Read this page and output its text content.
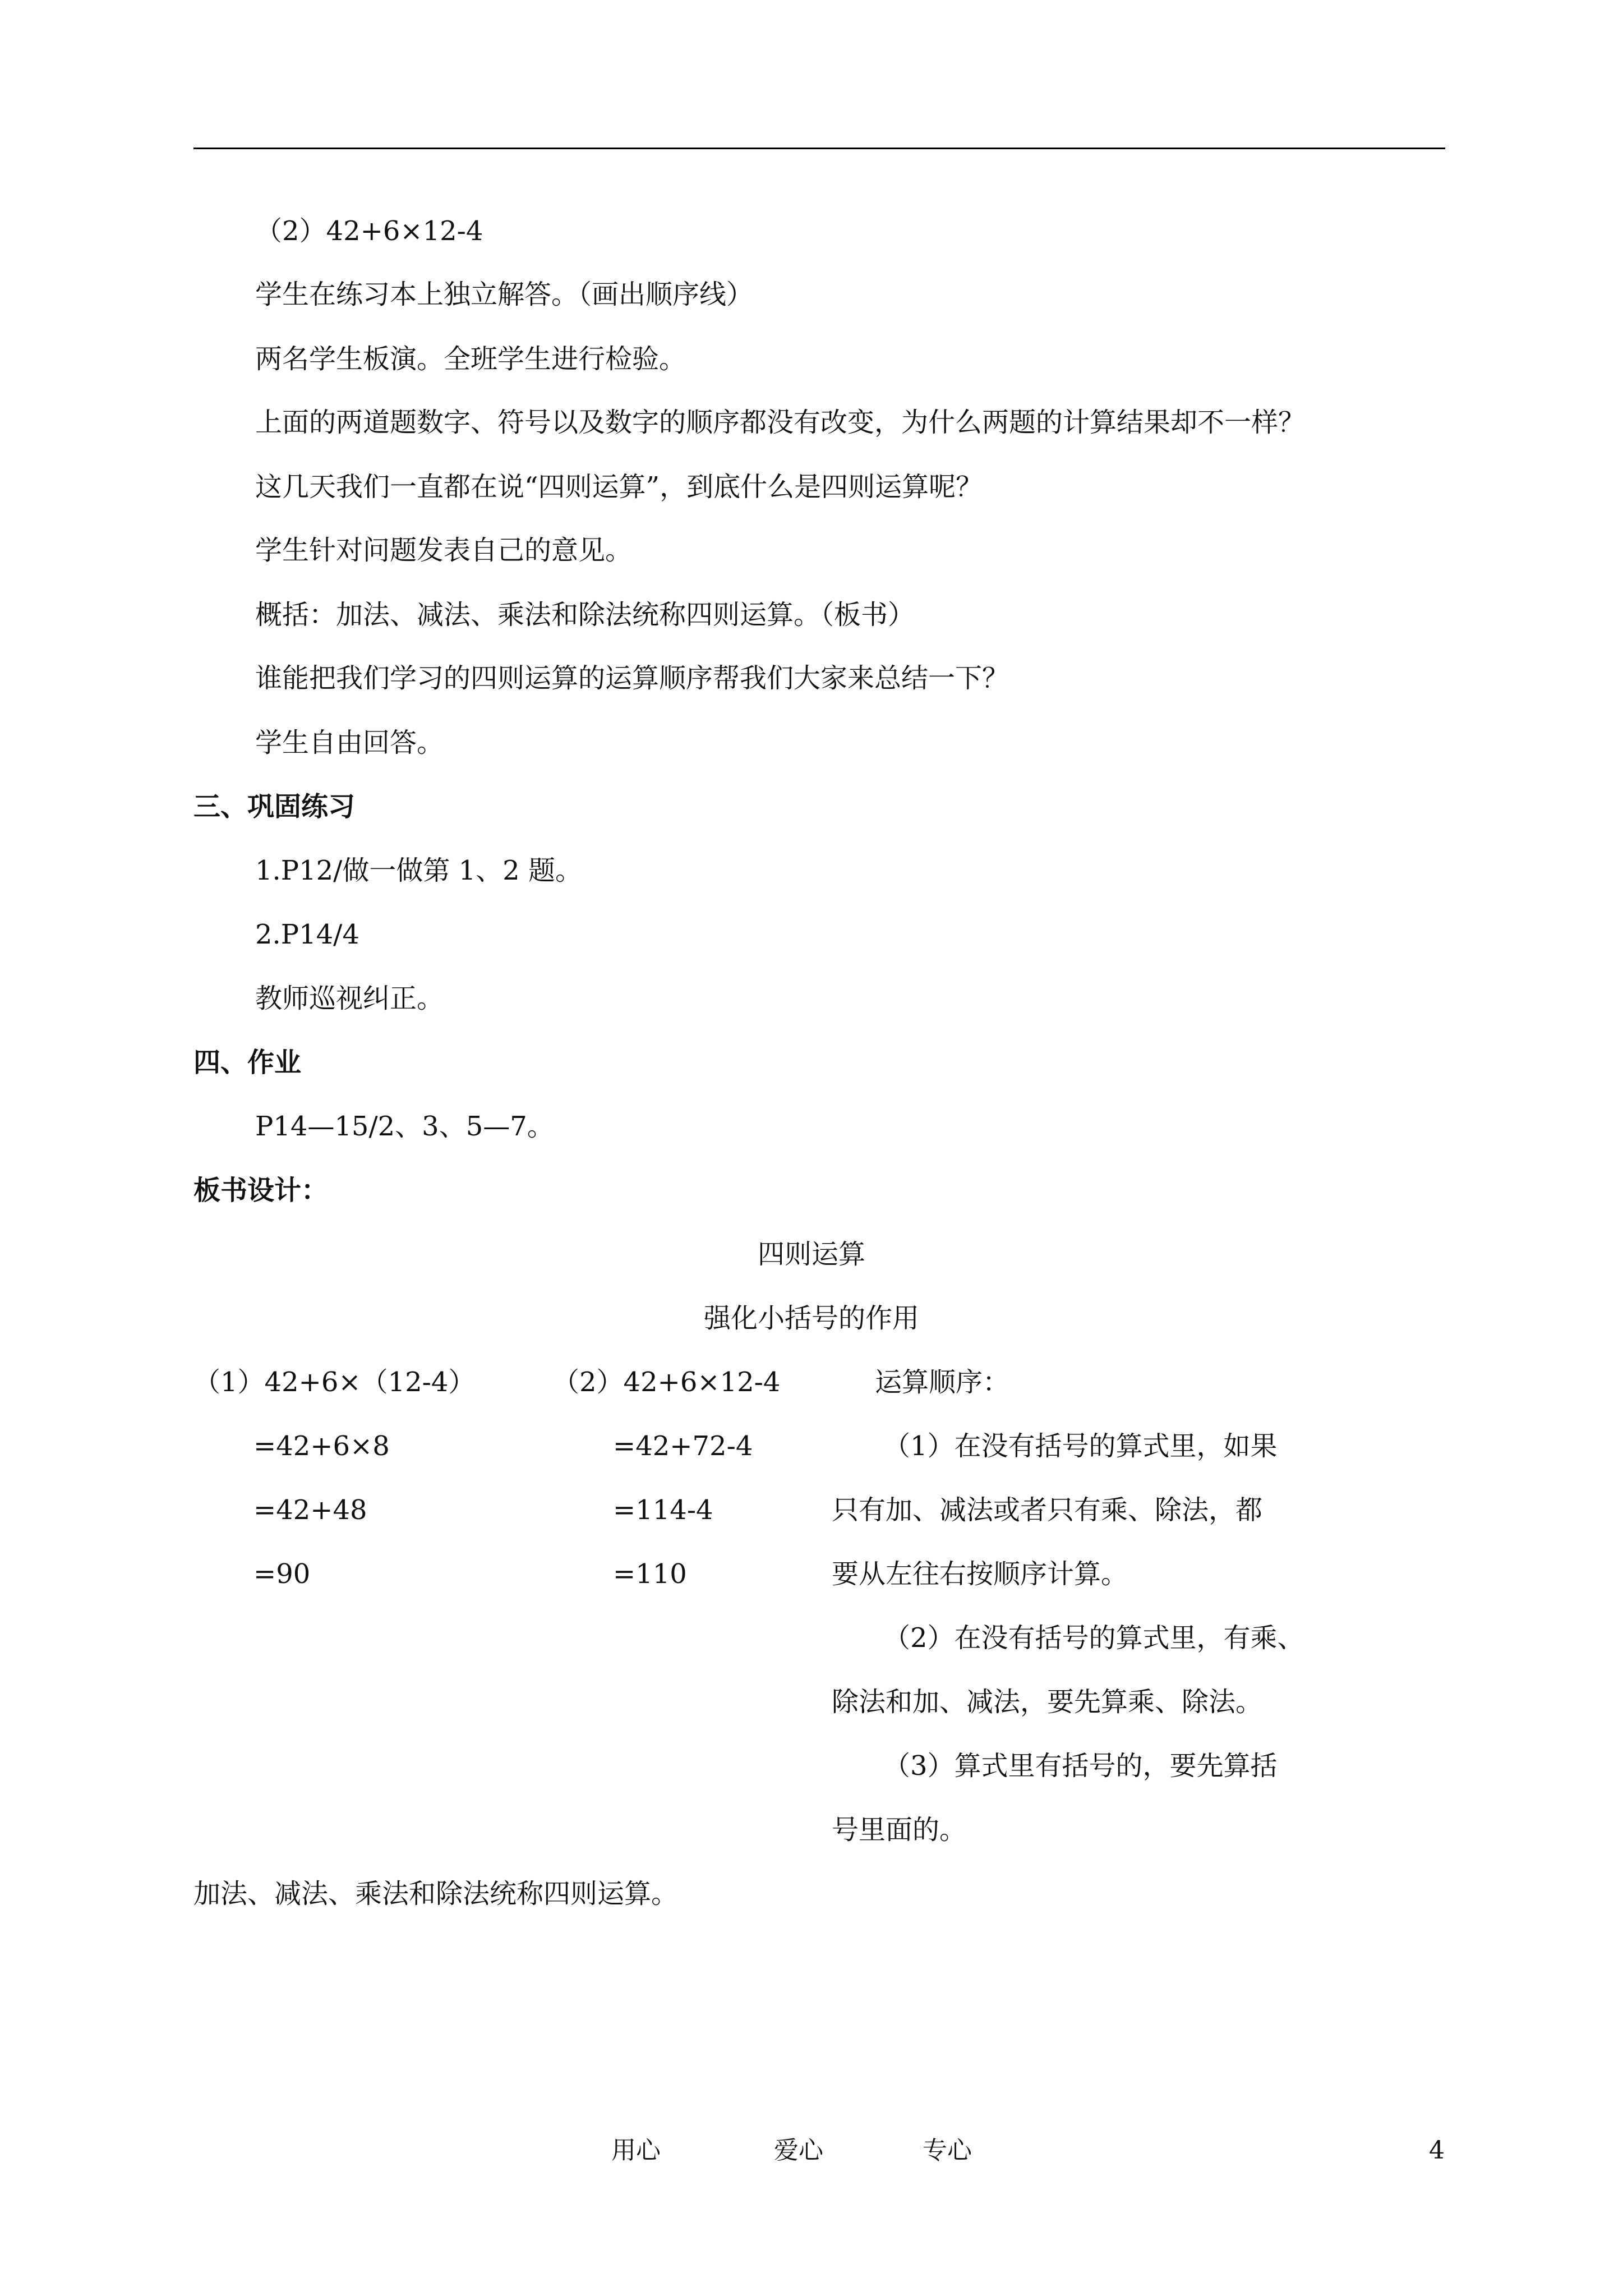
（2）42+6×12-4
学生在练习本上独立解答。（画出顺序线）
两名学生板演。全班学生进行检验。
上面的两道题数字、符号以及数字的顺序都没有改变，为什么两题的计算结果却不一样？
这几天我们一直都在说“四则运算”，到底什么是四则运算呢？
学生针对问题发表自己的意见。
概括：加法、减法、乘法和除法统称四则运算。（板书）
谁能把我们学习的四则运算的运算顺序帮我们大家来总结一下？
学生自由回答。
三、巩固练习
1.P12/做一做第 1、2 题。
2.P14/4
教师巡视纠正。
四、作业
P14—15/2、3、5—7。
板书设计：
四则运算
强化小括号的作用
（1）42+6×（12-4）
=42+6×8
=42+48
=90
（2）42+6×12-4
=42+72-4
=114-4
=110
运算顺序：
（1）在没有括号的算式里，如果
只有加、减法或者只有乘、除法，都
要从左往右按顺序计算。
（2）在没有括号的算式里，有乘、
除法和加、减法，要先算乘、除法。
（3）算式里有括号的，要先算括
号里面的。
加法、减法、乘法和除法统称四则运算。
用心	爱心	专心	4
